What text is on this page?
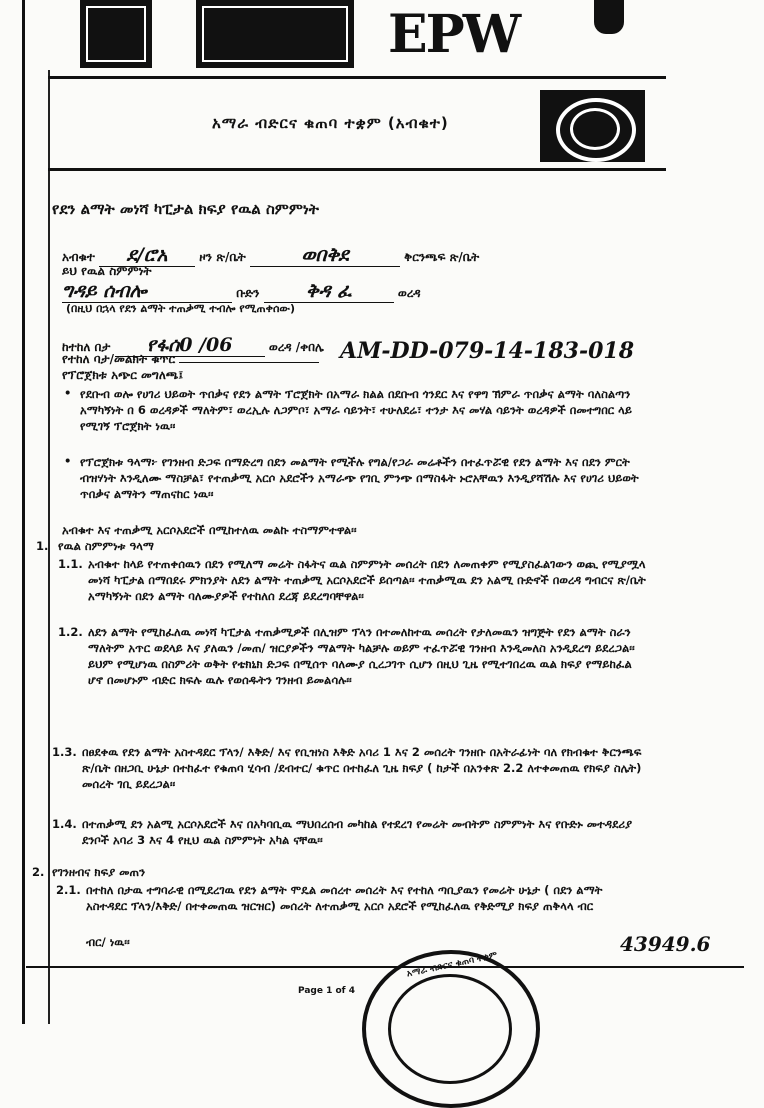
EPW
አማራ ብድርና ቁጠባ ተቋም (አብቁተ)
የደን ልማት መነሻ ካፒታል ክፍያ የዉል ስምምነት
አብቁተ ደ/ሮአ	ዞን ጽ/ቤት	ወበቅደ	ቅርንጫፍ ጽ/ቤት
ይህ የዉል ስምምነት
ግዳይ ሰብሎ	ቡድን ቅዳ ፈ	ወረዳ
(በዚህ በኋላ የደን ልማት ተጠቃሚ ተብሎ የሚጠቀሰው)
ከተከለ በታ የፋሰ0 /06	ወረዳ /ቀበሌ
የተከለ ባታ/መልክት ቁጥር	AM-DD-079-14-183-018
የፕሮጀክቱ አጭር መግለጫ፤
• የደቡብ ወሎ የሀገሪ ህይወት ጥበቃና የደን ልማት ፕሮጀክት በአማራ ክልል በደቡብ ጎንደር እና የዋግ ኽምራ ጥበቃና ልማት ባለስልጣን አማካኝነት በ 6 ወረዳዎች ማለትም፣ ወረኢሉ ለጋምቦ፣ አማራ ሳይንት፣ ተሁለደሬ፣ ተንታ እና መሃል ሳይንት ወረዳዎች በመተግበር ላይ የሚገኝ ፕሮጀክት ነዉ፡፡
• የፕሮጀክቱ ዓላማ፦ የገንዘብ ድጋፍ በማድረግ በደን መልማት የሚችሉ የግል/የጋራ መሬቶችን በተፈጥሯዊ የደን ልማት እና በደን ምርት ብዝሃነት እንዲለሙ ማስቻል፣ የተጠቃሚ አርሶ አደሮችን አማራጭ የገቢ ምንጭ በማስፋት ኑሮአቸዉን እንዲያሻሽሉ እና የሀገሪ ህይወት ጥበቃና ልማትን ማጠናከር ነዉ፡፡
አብቁተ እና ተጠቃሚ አርሶአደሮች በሚከተለዉ መልኩ ተስማምተዋል፡፡
1. የዉል ስምምነቱ ዓላማ
1.1. አብቁተ ከላይ የተጠቀሰዉን በደን የሚለማ መሬት ስፋትና ዉል ስምምነት መሰረት በደን ለመጠቀም የሚያስፈልገውን ወጪ የሚያሟላ መነሻ ካፒታል በማበደሩ ምክንያት ለደን ልማት ተጠቃሚ አርሶአደሮች ይሰጣል፡፡ ተጠቃሚዉ ደን አልሚ ቡድኖች በወረዳ ግብርና ጽ/ቤት አማካኝነት በደን ልማት ባለሙያዎች የተከለሰ ደረጃ ይደረግባቸዋል፡፡
1.2. ለደን ልማት የሚከፈለዉ መነሻ ካፒታል ተጠቃሚዎች በሊዝም ፕላን በተመለከተዉ መሰረት የታለመዉን ዝግጅት የደን ልማት ስራን ማለትም አጥር ወደላይ እና ያለዉን /መጠ/ ዝርያዎችን ማልማት ካልቻሉ ወይም ተፈጥሯዊ ገንዘብ እንዲመለስ አንዲደረግ ይደረጋል፡፡ ይህም የሚሆነዉ በስምሪት ወቅት የቴክኒክ ድጋፍ በሚሰጥ ባለሙያ ሲረጋገጥ ሲሆን በዚህ ጊዜ የሚተገበረዉ ዉል ክፍያ የማይከፈል ሆኖ በመሆኑም ብድር ክፍሉ ዉሉ የወሰዱትን ገንዘብ ይመልሳሉ፡፡
1.3. በፀደቀዉ የደን ልማት አስተዳደር ፕላን/ እቅድ/ እና የቢዝነስ እቅድ አባሪ 1 እና 2 መሰረት ገንዘቡ በአትራፊነት ባለ የክብቁተ ቅርንጫፍ ጽ/ቤት በዘጋቢ ሁኔታ በተከፈተ የቁጠባ ሂሳብ /ደብተር/ ቁጥር በተከፈለ ጊዜ ክፍያ ( ከታች በአንቀጽ 2.2 ለተቀመጠዉ የክፍያ ስሌት) መሰረት ገቢ ይደረጋል፡፡
1.4. በተጠቃሚ ደን አልሚ አርሶአደሮች እና በአካባቢዉ ማህበረሰብ መካከል የተደረገ የመሬት መብትም ስምምነት እና የቡድኑ መተዳደሪያ ደንቦች አባሪ 3 እና 4 የዚህ ዉል ስምምነት አካል ናቸዉ፡፡
2. የገንዘብና ክፍያ መጠን
2.1. በተከለ በታዉ ተግባራዊ በሚደረገዉ የደን ልማት ሞዴል መሰረተ መሰረት እና የተከለ ጣቢያዉን የመሬት ሁኔታ ( በደን ልማት አስተዳደር ፕላን/እቅድ/ በተቀመጠዉ ዝርዝር) መሰረት ለተጠቃሚ አርሶ አደሮች የሚከፈለዉ የቅድሚያ ክፍያ ጠቅላላ ብር
ብር/ ነዉ፡፡	43949.6
Page 1 of 4
አማራ ብድርና ቁጠባ ተቋም
